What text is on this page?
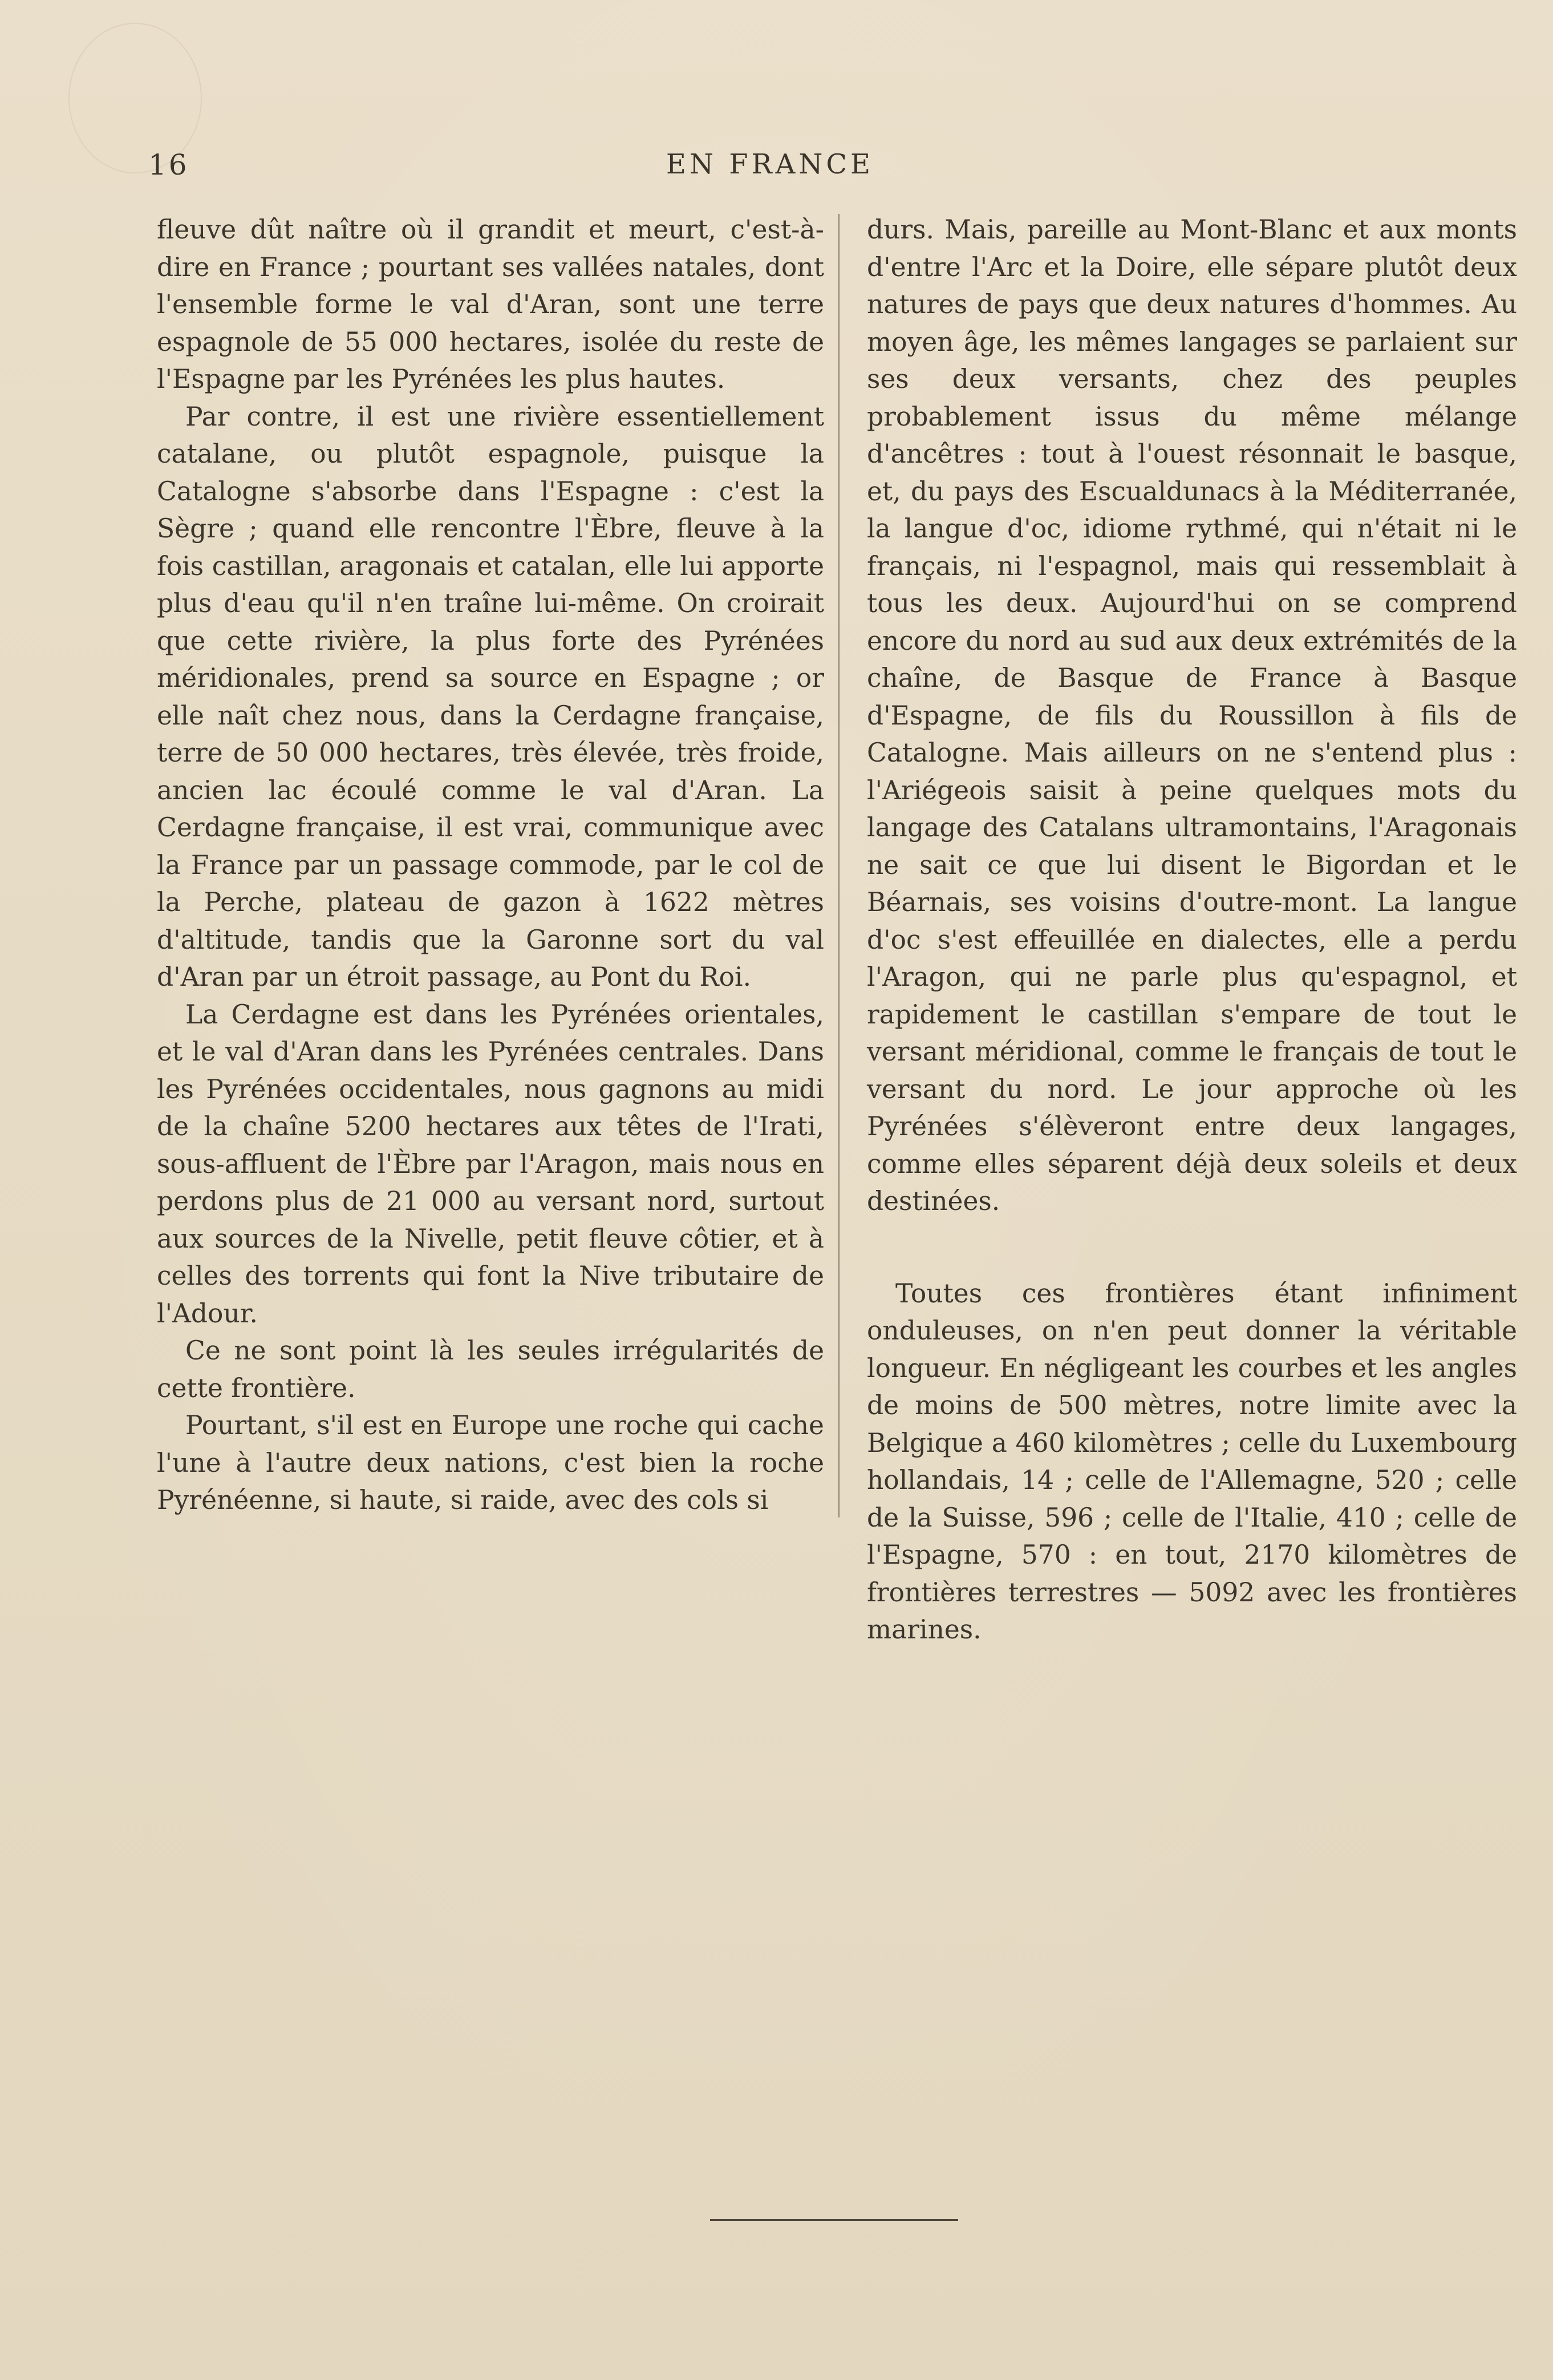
16	EN FRANCE

fleuve dût naître où il grandit et meurt, c'est-à-dire en France ; pourtant ses vallées natales, dont l'ensemble forme le val d'Aran, sont une terre espagnole de 55 000 hectares, isolée du reste de l'Espagne par les Pyrénées les plus hautes.

Par contre, il est une rivière essentiellement catalane, ou plutôt espagnole, puisque la Catalogne s'absorbe dans l'Espagne : c'est la Sègre ; quand elle rencontre l'Èbre, fleuve à la fois castillan, aragonais et catalan, elle lui apporte plus d'eau qu'il n'en traîne lui-même. On croirait que cette rivière, la plus forte des Pyrénées méridionales, prend sa source en Espagne ; or elle naît chez nous, dans la Cerdagne française, terre de 50 000 hectares, très élevée, très froide, ancien lac écoulé comme le val d'Aran. La Cerdagne française, il est vrai, communique avec la France par un passage commode, par le col de la Perche, plateau de gazon à 1622 mètres d'altitude, tandis que la Garonne sort du val d'Aran par un étroit passage, au Pont du Roi.

La Cerdagne est dans les Pyrénées orientales, et le val d'Aran dans les Pyrénées centrales. Dans les Pyrénées occidentales, nous gagnons au midi de la chaîne 5200 hectares aux têtes de l'Irati, sous-affluent de l'Èbre par l'Aragon, mais nous en perdons plus de 21 000 au versant nord, surtout aux sources de la Nivelle, petit fleuve côtier, et à celles des torrents qui font la Nive tributaire de l'Adour.

Ce ne sont point là les seules irrégularités de cette frontière.

Pourtant, s'il est en Europe une roche qui cache l'une à l'autre deux nations, c'est bien la roche Pyrénéenne, si haute, si raide, avec des cols si

durs. Mais, pareille au Mont-Blanc et aux monts d'entre l'Arc et la Doire, elle sépare plutôt deux natures de pays que deux natures d'hommes. Au moyen âge, les mêmes langages se parlaient sur ses deux versants, chez des peuples probablement issus du même mélange d'ancêtres : tout à l'ouest résonnait le basque, et, du pays des Escualdunacs à la Méditerranée, la langue d'oc, idiome rythmé, qui n'était ni le français, ni l'espagnol, mais qui ressemblait à tous les deux. Aujourd'hui on se comprend encore du nord au sud aux deux extrémités de la chaîne, de Basque de France à Basque d'Espagne, de fils du Roussillon à fils de Catalogne. Mais ailleurs on ne s'entend plus : l'Ariégeois saisit à peine quelques mots du langage des Catalans ultramontains, l'Aragonais ne sait ce que lui disent le Bigordan et le Béarnais, ses voisins d'outre-mont. La langue d'oc s'est effeuillée en dialectes, elle a perdu l'Aragon, qui ne parle plus qu'espagnol, et rapidement le castillan s'empare de tout le versant méridional, comme le français de tout le versant du nord. Le jour approche où les Pyrénées s'élèveront entre deux langages, comme elles séparent déjà deux soleils et deux destinées.

Toutes ces frontières étant infiniment onduleuses, on n'en peut donner la véritable longueur. En négligeant les courbes et les angles de moins de 500 mètres, notre limite avec la Belgique a 460 kilomètres ; celle du Luxembourg hollandais, 14 ; celle de l'Allemagne, 520 ; celle de la Suisse, 596 ; celle de l'Italie, 410 ; celle de l'Espagne, 570 : en tout, 2170 kilomètres de frontières terrestres — 5092 avec les frontières marines.
